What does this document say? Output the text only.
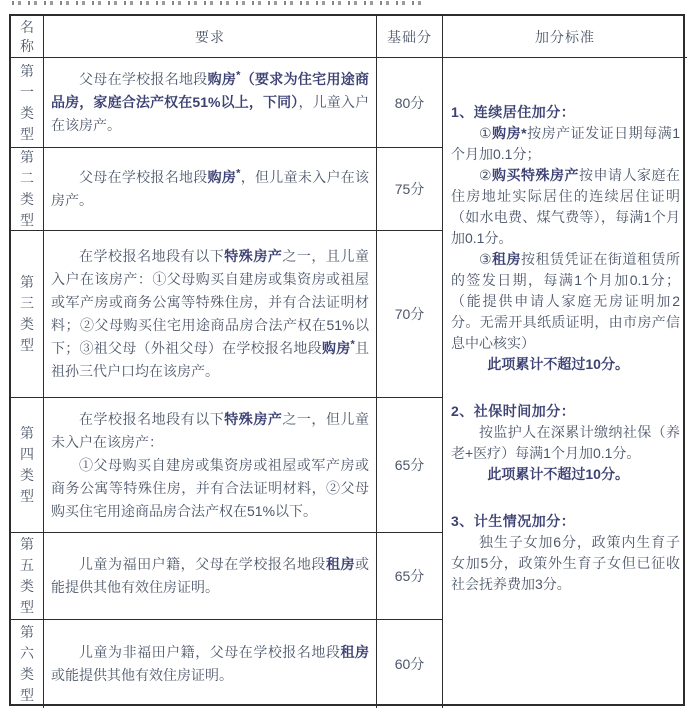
名
称
要求	基础分	加分标准
第
一
类
型

父母在学校报名地段购房*（要求为住宅用途商品房，家庭合法产权在51%以上，下同），儿童入户在该房产。

80分

1、连续居住加分：

①购房*按房产证发证日期每满1个月加0.1分；

②购买特殊房产按申请人家庭在住房地址实际居住的连续居住证明（如水电费、煤气费等），每满1个月加0.1分。

③租房按租赁凭证在街道租赁所的签发日期，每满1个月加0.1分；（能提供申请人家庭无房证明加2分。无需开具纸质证明，由市房产信息中心核实）

此项累计不超过10分。

2、社保时间加分：

按监护人在深累计缴纳社保（养老+医疗）每满1个月加0.1分。

此项累计不超过10分。

3、计生情况加分：

独生子女加6分，政策内生育子女加5分，政策外生育子女但已征收社会抚养费加3分。

第
二
类
型

父母在学校报名地段购房*，但儿童未入户在该房产。

75分
第
三
类
型

在学校报名地段有以下特殊房产之一，且儿童入户在该房产：①父母购买自建房或集资房或祖屋或军产房或商务公寓等特殊住房，并有合法证明材料；②父母购买住宅用途商品房合法产权在51%以下；③祖父母（外祖父母）在学校报名地段购房*且祖孙三代户口均在该房产。

70分
第
四
类
型

在学校报名地段有以下特殊房产之一，但儿童未入户在该房产：

①父母购买自建房或集资房或祖屋或军产房或商务公寓等特殊住房，并有合法证明材料，②父母购买住宅用途商品房合法产权在51%以下。

65分
第
五
类
型

儿童为福田户籍，父母在学校报名地段租房或能提供其他有效住房证明。

65分
第
六
类
型

儿童为非福田户籍，父母在学校报名地段租房或能提供其他有效住房证明。

60分
